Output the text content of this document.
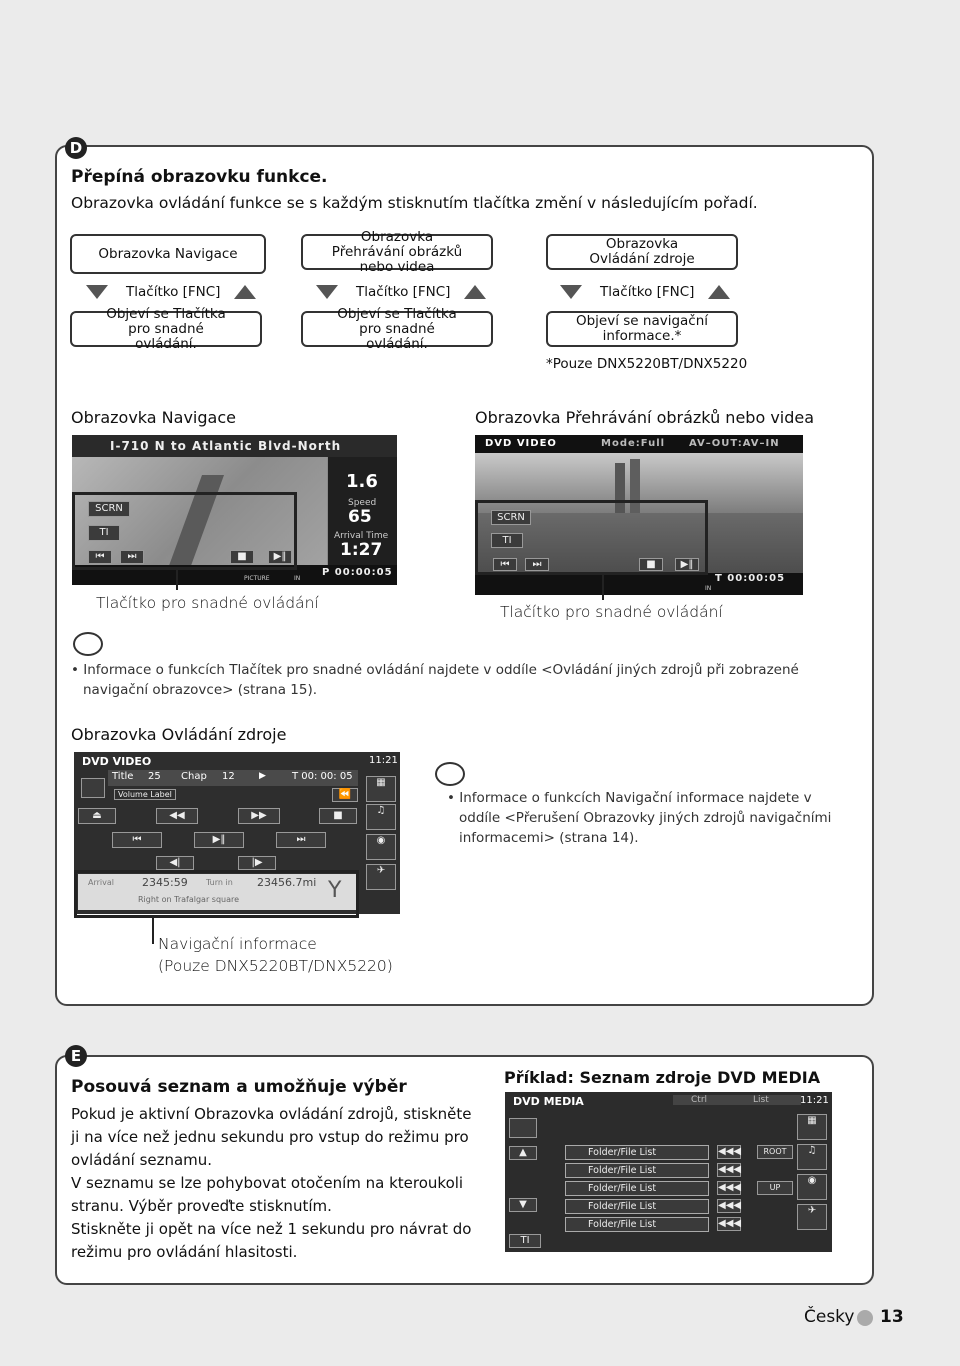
D
Přepíná obrazovku funkce.
Obrazovka ovládání funkce se s každým stisknutím tlačítka změní v následujícím pořadí.
Obrazovka Navigace
Tlačítko [FNC]
Objeví se Tlačítka pro snadné ovládání.
Obrazovka Přehrávání obrázků nebo videa
Tlačítko [FNC]
Objeví se Tlačítka pro snadné ovládání.
Obrazovka Ovládání zdroje
Tlačítko [FNC]
Objeví se navigační informace.*
*Pouze DNX5220BT/DNX5220
Obrazovka Navigace
I-710 N to Atlantic Blvd-North
1.6
Speed
65
Arrival Time
1:27
SCRN
TI
⏮	⏭	■	▶‖
PICTURE	IN
P 00:00:05
Tlačítko pro snadné ovládání
Obrazovka Přehrávání obrázků nebo videa
DVD VIDEO	Mode:Full AV–OUT:AV–IN
SCRN
TI
⏮	⏭	■	▶‖
IN
T 00:00:05
Tlačítko pro snadné ovládání
• Informace o funkcích Tlačítek pro snadné ovládání najdete v oddíle <Ovládání jiných zdrojů při zobrazené navigační obrazovce> (strana 15).
Obrazovka Ovládání zdroje
DVD VIDEO	11:21
Title 25 Chap 12	▶	T 00: 00: 05
Volume Label	⏪
⏏	◀◀	▶▶	■
⏮	▶‖	⏭
◀|	|▶
▦
♫
◉
✈
Arrival	2345:59 Turn in 23456.7mi
Right on Trafalgar square	Y
Navigační informace
(Pouze DNX5220BT/DNX5220)
• Informace o funkcích Navigační informace najdete v oddíle <Přerušení Obrazovky jiných zdrojů navigačními informacemi> (strana 14).
E
Posouvá seznam a umožňuje výběr
Pokud je aktivní Obrazovka ovládání zdrojů, stiskněte
ji na více než jednu sekundu pro vstup do režimu pro
ovládání seznamu.
V seznamu se lze pohybovat otočením na kteroukoli
stranu. Výběr proveďte stisknutím.
Stiskněte ji opět na více než 1 sekundu pro návrat do
režimu pro ovládání hlasitosti.
Příklad: Seznam zdroje DVD MEDIA
DVD MEDIA	Ctrl	List	11:21
▲
▼
TI
Folder/File List	◀◀◀
Folder/File List	◀◀◀
Folder/File List	◀◀◀
Folder/File List	◀◀◀
Folder/File List	◀◀◀
ROOT
UP
▦
♫
◉
✈
Česky 13
